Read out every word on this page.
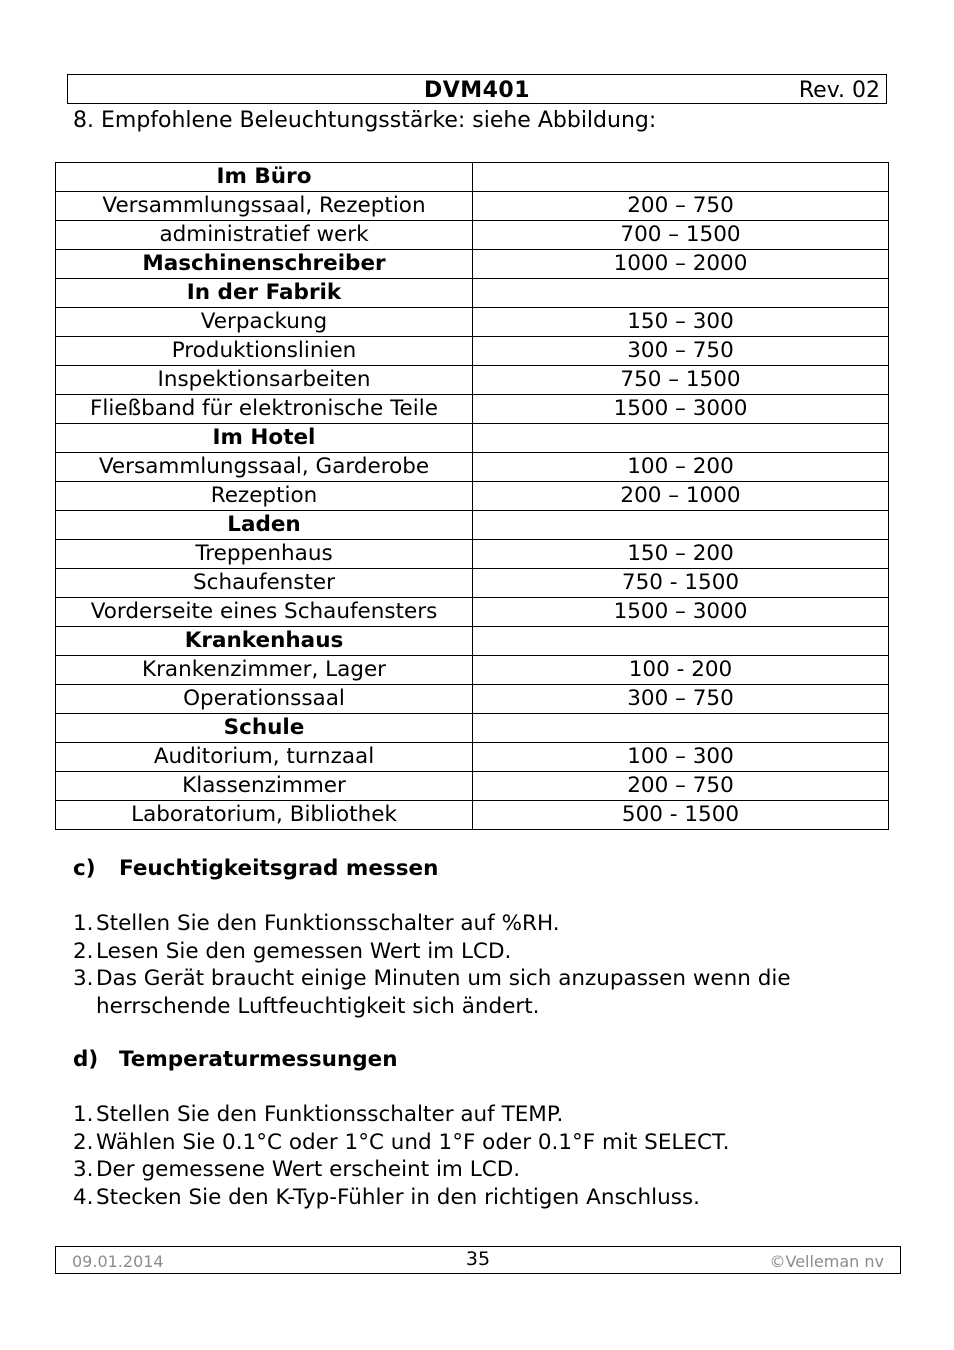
DVM401	Rev. 02
8. Empfohlene Beleuchtungsstärke: siehe Abbildung:
Im Büro	
Versammlungssaal, Rezeption	200 – 750
administratief werk	700 – 1500
Maschinenschreiber	1000 – 2000
In der Fabrik	
Verpackung	150 – 300
Produktionslinien	300 – 750
Inspektionsarbeiten	750 – 1500
Fließband für elektronische Teile	1500 – 3000
Im Hotel	
Versammlungssaal, Garderobe	100 – 200
Rezeption	200 – 1000
Laden	
Treppenhaus	150 – 200
Schaufenster	750 - 1500
Vorderseite eines Schaufensters	1500 – 3000
Krankenhaus	
Krankenzimmer, Lager	100 - 200
Operationssaal	300 – 750
Schule	
Auditorium, turnzaal	100 – 300
Klassenzimmer	200 – 750
Laboratorium, Bibliothek	500 - 1500
c) Feuchtigkeitsgrad messen
1. Stellen Sie den Funktionsschalter auf %RH.
2. Lesen Sie den gemessen Wert im LCD.
3. Das Gerät braucht einige Minuten um sich anzupassen wenn die herrschende Luftfeuchtigkeit sich ändert.
d) Temperaturmessungen
1. Stellen Sie den Funktionsschalter auf TEMP.
2. Wählen Sie 0.1°C oder 1°C und 1°F oder 0.1°F mit SELECT.
3. Der gemessene Wert erscheint im LCD.
4. Stecken Sie den K-Typ-Fühler in den richtigen Anschluss.
09.01.2014	35	©Velleman nv
